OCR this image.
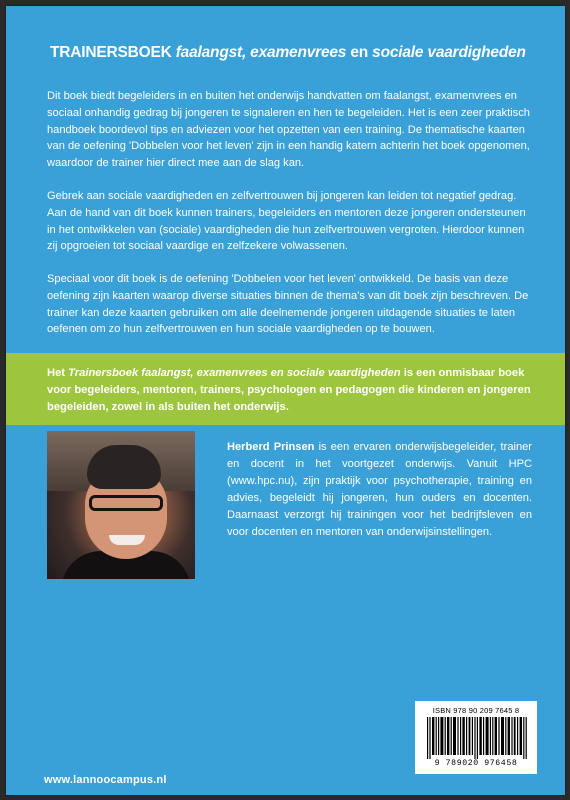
TRAINERSBOEK faalangst, examenvrees en sociale vaardigheden
Dit boek biedt begeleiders in en buiten het onderwijs handvatten om faalangst, examenvrees en sociaal onhandig gedrag bij jongeren te signaleren en hen te begeleiden. Het is een zeer praktisch handboek boordevol tips en adviezen voor het opzetten van een training. De thematische kaarten van de oefening 'Dobbelen voor het leven' zijn in een handig katern achterin het boek opgenomen, waardoor de trainer hier direct mee aan de slag kan.
Gebrek aan sociale vaardigheden en zelfvertrouwen bij jongeren kan leiden tot negatief gedrag. Aan de hand van dit boek kunnen trainers, begeleiders en mentoren deze jongeren ondersteunen in het ontwikkelen van (sociale) vaardigheden die hun zelfvertrouwen vergroten. Hierdoor kunnen zij opgroeien tot sociaal vaardige en zelfzekere volwassenen.
Speciaal voor dit boek is de oefening 'Dobbelen voor het leven' ontwikkeld. De basis van deze oefening zijn kaarten waarop diverse situaties binnen de thema's van dit boek zijn beschreven. De trainer kan deze kaarten gebruiken om alle deelnemende jongeren uitdagende situaties te laten oefenen om zo hun zelfvertrouwen en hun sociale vaardigheden op te bouwen.
Het Trainersboek faalangst, examenvrees en sociale vaardigheden is een onmisbaar boek voor begeleiders, mentoren, trainers, psychologen en pedagogen die kinderen en jongeren begeleiden, zowel in als buiten het onderwijs.
Herberd Prinsen is een ervaren onderwijsbegeleider, trainer en docent in het voortgezet onderwijs. Vanuit HPC (www.hpc.nu), zijn praktijk voor psychotherapie, training en advies, begeleidt hij jongeren, hun ouders en docenten. Daarnaast verzorgt hij trainingen voor het bedrijfsleven en voor docenten en mentoren van onderwijsinstellingen.
ISBN 978 90 209 7645 8
9 789020 976458
www.lannoocampus.nl
